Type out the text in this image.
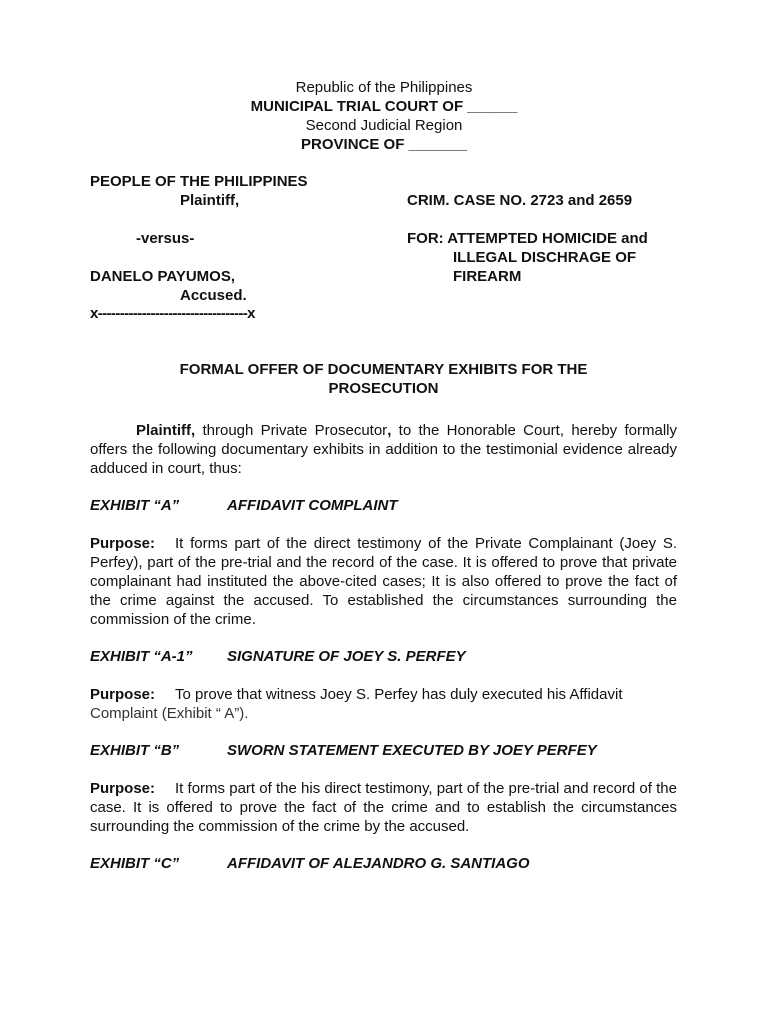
Republic of the Philippines
MUNICIPAL TRIAL COURT OF ______
Second Judicial Region
PROVINCE OF _______
PEOPLE OF THE PHILIPPINES
Plaintiff,	CRIM. CASE NO. 2723 and 2659
-versus-	FOR: ATTEMPTED HOMICIDE and
ILLEGAL DISCHRAGE OF
DANELO PAYUMOS,	FIREARM
Accused.
x----------------------------------x
FORMAL OFFER OF DOCUMENTARY EXHIBITS FOR THE
PROSECUTION
Plaintiff, through Private Prosecutor, to the Honorable Court, hereby formally offers the following documentary exhibits in addition to the testimonial evidence already adduced in court, thus:
EXHIBIT “A”	AFFIDAVIT COMPLAINT
Purpose: It forms part of the direct testimony of the Private Complainant (Joey S. Perfey), part of the pre-trial and the record of the case. It is offered to prove that private complainant had instituted the above-cited cases; It is also offered to prove the fact of the crime against the accused. To established the circumstances surrounding the commission of the crime.
EXHIBIT “A-1” SIGNATURE OF JOEY S. PERFEY
Purpose: To prove that witness Joey S. Perfey has duly executed his Affidavit
Complaint (Exhibit “ A”).
EXHIBIT “B”	SWORN STATEMENT EXECUTED BY JOEY PERFEY
Purpose: It forms part of the his direct testimony, part of the pre-trial and record of the case. It is offered to prove the fact of the crime and to establish the circumstances surrounding the commission of the crime by the accused.
EXHIBIT “C”	AFFIDAVIT OF ALEJANDRO G. SANTIAGO
